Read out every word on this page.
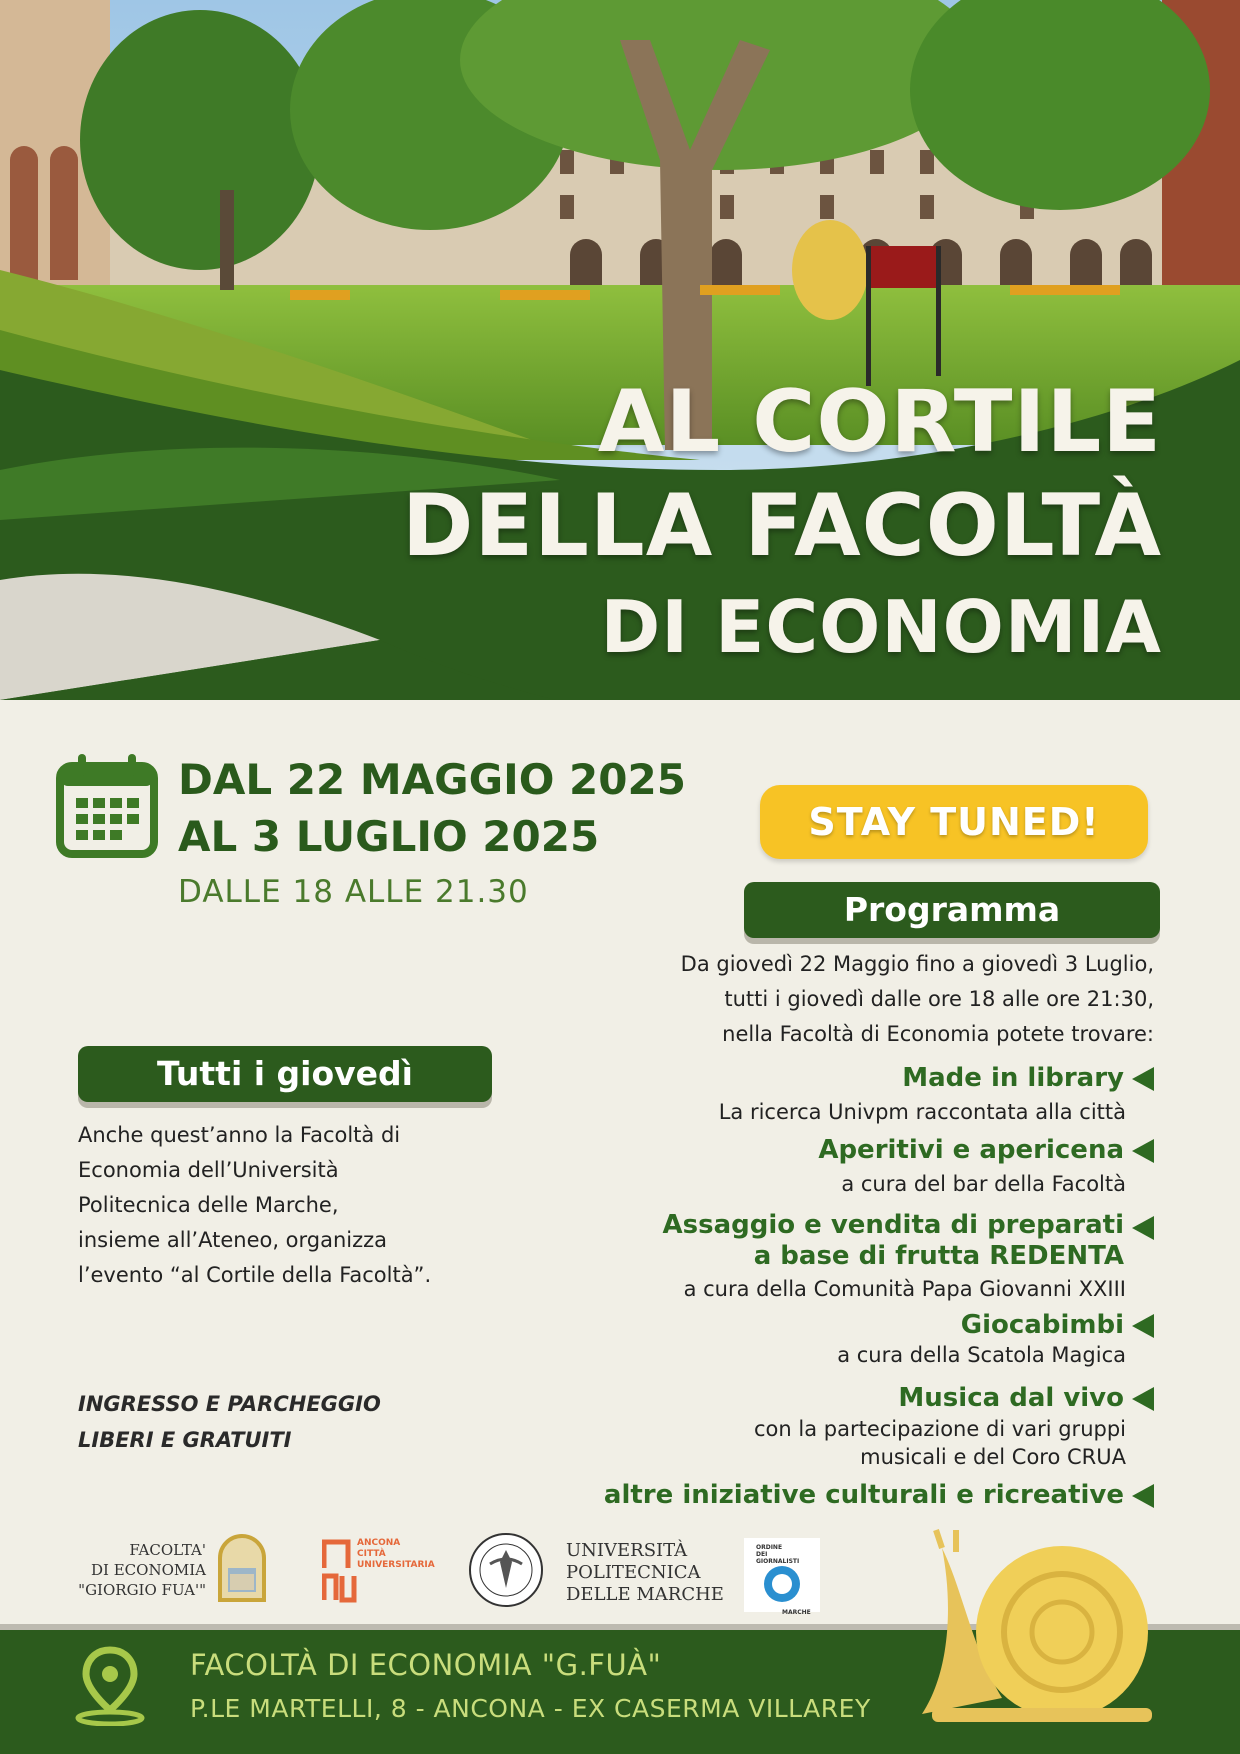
AL CORTILE
DELLA FACOLTÀ
DI ECONOMIA
DAL 22 MAGGIO 2025
AL 3 LUGLIO 2025
DALLE 18 ALLE 21.30
STAY TUNED!
Programma
Da giovedì 22 Maggio fino a giovedì 3 Luglio,
tutti i giovedì dalle ore 18 alle ore 21:30,
nella Facoltà di Economia potete trovare:
Made in library
La ricerca Univpm raccontata alla città
Aperitivi e apericena
a cura del bar della Facoltà
Assaggio e vendita di preparati
a base di frutta REDENTA
a cura della Comunità Papa Giovanni XXIII
Giocabimbi
a cura della Scatola Magica
Musica dal vivo
con la partecipazione di vari gruppi
musicali e del Coro CRUA
altre iniziative culturali e ricreative
Tutti i giovedì
Anche quest’anno la Facoltà di
Economia dell’Università
Politecnica delle Marche,
insieme all’Ateneo, organizza
l’evento “al Cortile della Facoltà”.
INGRESSO E PARCHEGGIO
LIBERI E GRATUITI
FACOLTA'
DI ECONOMIA
"GIORGIO FUA'"
ANCONA
CITTÀ
UNIVERSITARIA
UNIVERSITÀ
POLITECNICA
DELLE MARCHE
ORDINE
DEI
GIORNALISTI
MARCHE
FACOLTÀ DI ECONOMIA "G.FUÀ"
P.LE MARTELLI, 8 - ANCONA - EX CASERMA VILLAREY
